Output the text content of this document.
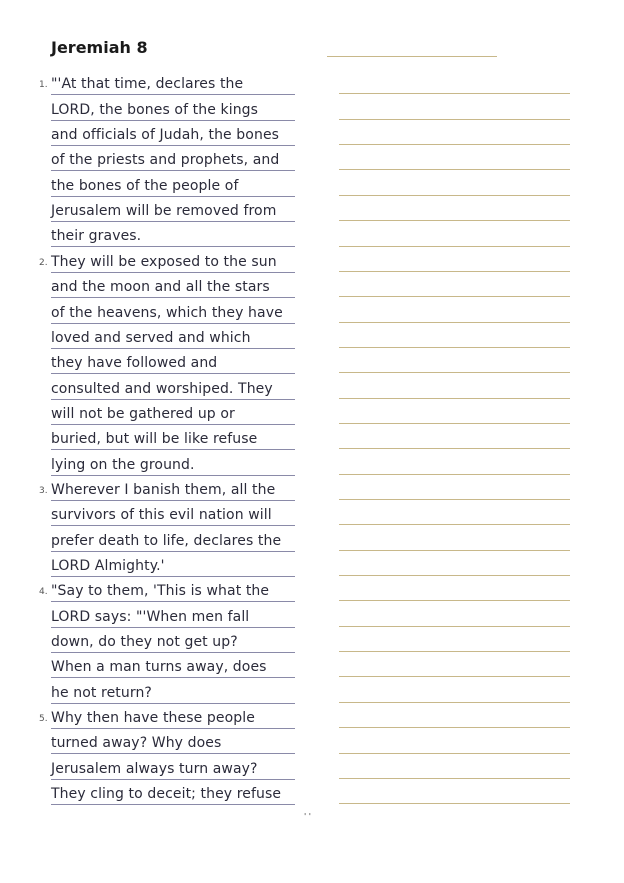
Jeremiah 8
1. "'At that time, declares the
LORD, the bones of the kings
and officials of Judah, the bones
of the priests and prophets, and
the bones of the people of
Jerusalem will be removed from
their graves.
2. They will be exposed to the sun
and the moon and all the stars
of the heavens, which they have
loved and served and which
they have followed and
consulted and worshiped. They
will not be gathered up or
buried, but will be like refuse
lying on the ground.
3. Wherever I banish them, all the
survivors of this evil nation will
prefer death to life, declares the
LORD Almighty.'
4. "Say to them, 'This is what the
LORD says: "'When men fall
down, do they not get up?
When a man turns away, does
he not return?
5. Why then have these people
turned away? Why does
Jerusalem always turn away?
They cling to deceit; they refuse
' '
